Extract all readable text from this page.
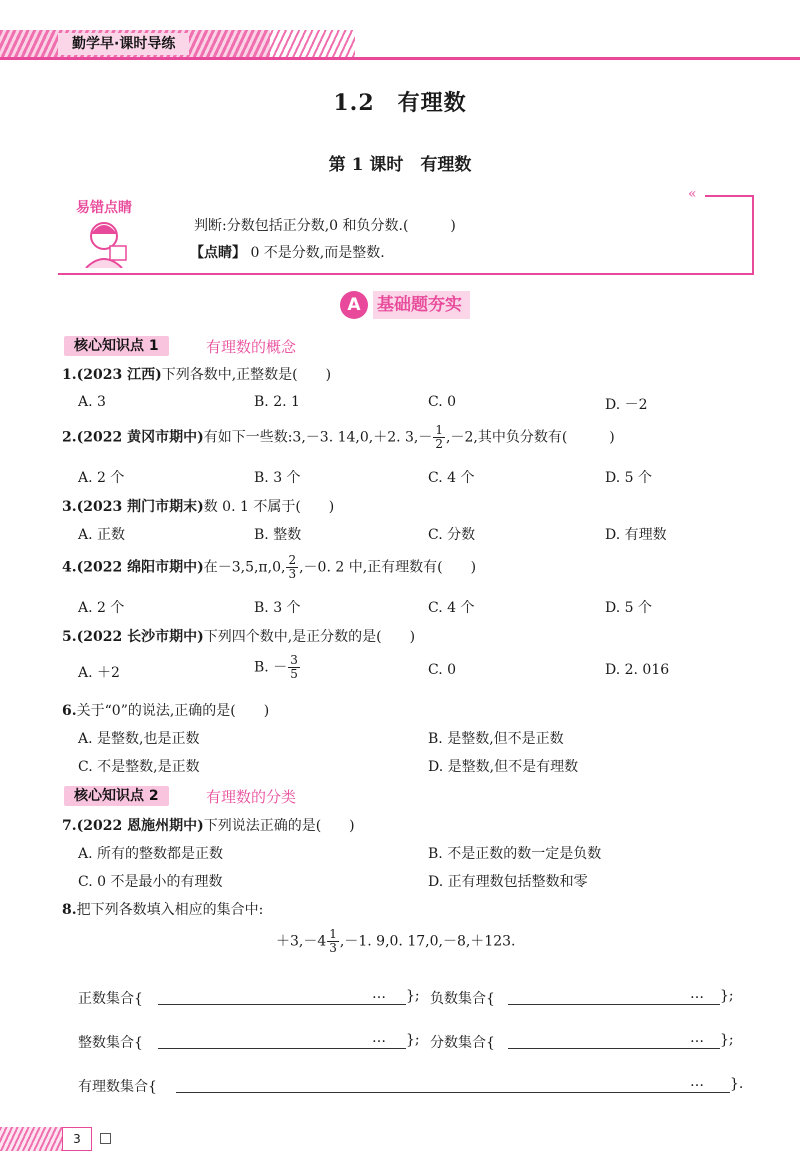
勤学早·课时导练
1.2　有理数
第 1 课时　有理数
«
易错点睛
判断:分数包括正分数,0 和负分数.(　　　)
【点睛】 0 不是分数,而是整数.
A 基础题夯实
核心知识点 1	有理数的概念
1.(2023 江西)下列各数中,正整数是(　　)
A. 3	B. 2. 1	C. 0	D. －2
2.(2022 黄冈市期中)有如下一些数:3,－3. 14,0,＋2. $3,- \frac{1}{2} ,-2$,其中负分数有(　　　)
A. 2 个	B. 3 个	C. 4 个	D. 5 个
3.(2023 荆门市期末)数 0. 1 不属于(　　)
A. 正数	B. 整数	C. 分数	D. 有理数
4.(2022 绵阳市期中)在－3,5,π,0, $\frac{2}{3} ,-0$. 2 中,正有理数有(　　)
A. 2 个	B. 3 个	C. 4 个	D. 5 个
5.(2022 长沙市期中)下列四个数中,是正分数的是(　　)
A. ＋2	B. － $\frac{3}{5}$	C. 0	D. 2. 016
6.关于“0”的说法,正确的是(　　)
A. 是整数,也是正数	B. 是整数,但不是正数
C. 不是整数,是正数	D. 是整数,但不是有理数
核心知识点 2	有理数的分类
7.(2022 恩施州期中)下列说法正确的是(　　)
A. 所有的整数都是正数	B. 不是正数的数一定是负数
C. 0 不是最小的有理数	D. 正有理数包括整数和零
8.把下列各数填入相应的集合中:
$+3,-4 \frac{1}{3} ,-1$. 9,0. 17,0,－8,＋123.
正数集合{	… }; 负数集合{	… };
整数集合{	… }; 分数集合{	… };
有理数集合{	… }.
3
